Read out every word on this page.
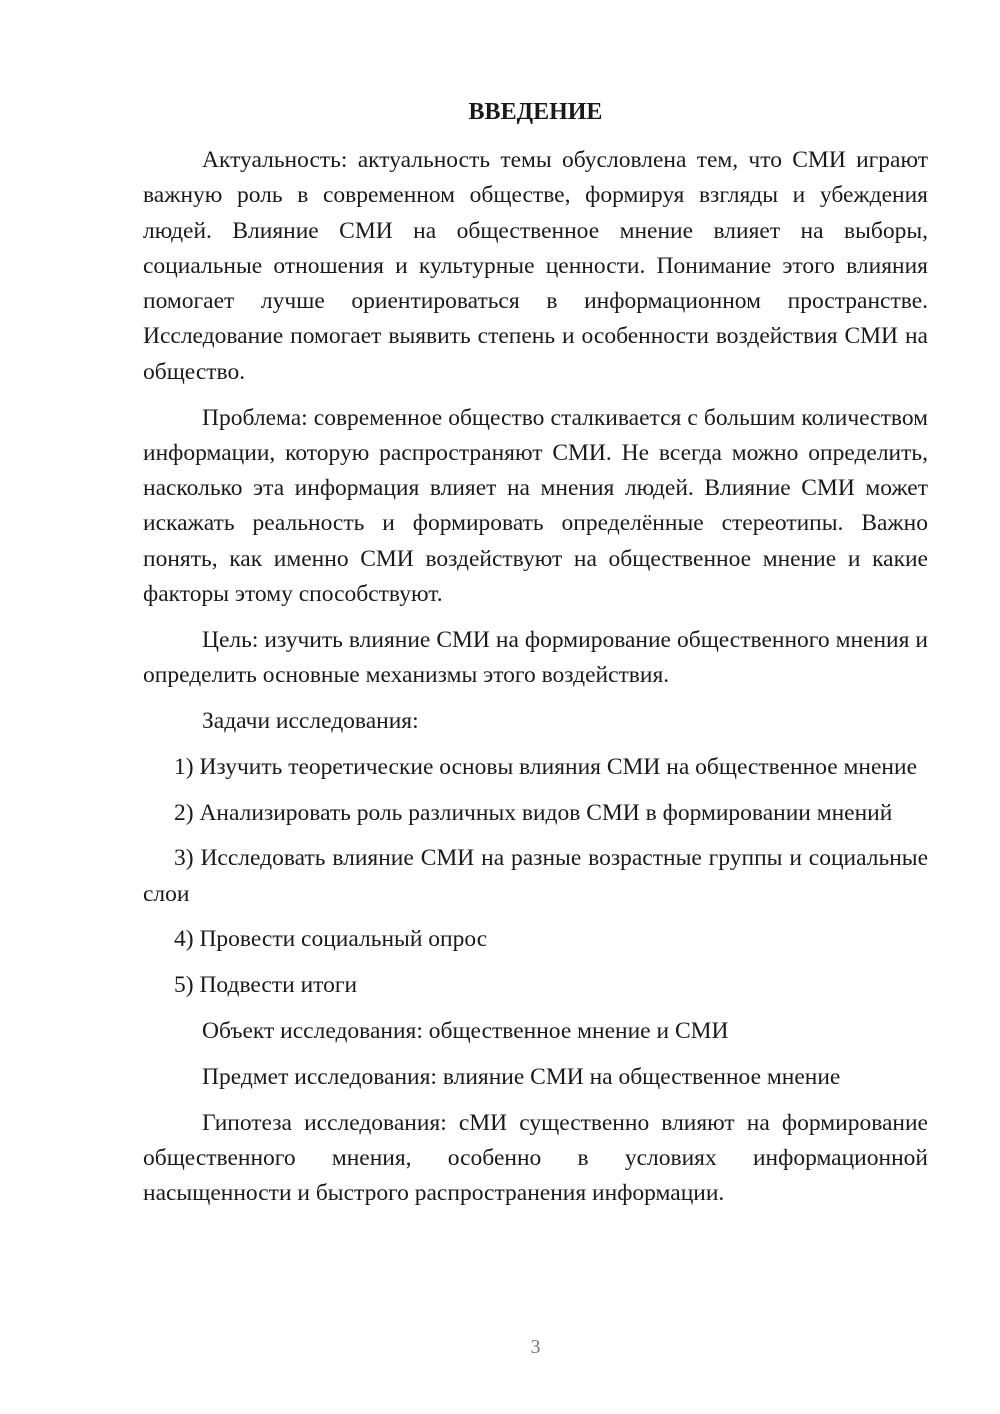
ВВЕДЕНИЕ

Актуальность: актуальность темы обусловлена тем, что СМИ играют важную роль в современном обществе, формируя взгляды и убеждения людей. Влияние СМИ на общественное мнение влияет на выборы, социальные отношения и культурные ценности. Понимание этого влияния помогает лучше ориентироваться в информационном пространстве. Исследование помогает выявить степень и особенности воздействия СМИ на общество.

Проблема: современное общество сталкивается с большим количеством информации, которую распространяют СМИ. Не всегда можно определить, насколько эта информация влияет на мнения людей. Влияние СМИ может искажать реальность и формировать определённые стереотипы. Важно понять, как именно СМИ воздействуют на общественное мнение и какие факторы этому способствуют.

Цель: изучить влияние СМИ на формирование общественного мнения и определить основные механизмы этого воздействия.

Задачи исследования:

1) Изучить теоретические основы влияния СМИ на общественное мнение

2) Анализировать роль различных видов СМИ в формировании мнений

3) Исследовать влияние СМИ на разные возрастные группы и социальные слои

4) Провести социальный опрос

5) Подвести итоги

Объект исследования: общественное мнение и СМИ

Предмет исследования: влияние СМИ на общественное мнение

Гипотеза исследования: сМИ существенно влияют на формирование общественного мнения, особенно в условиях информационной насыщенности и быстрого распространения информации.

3
